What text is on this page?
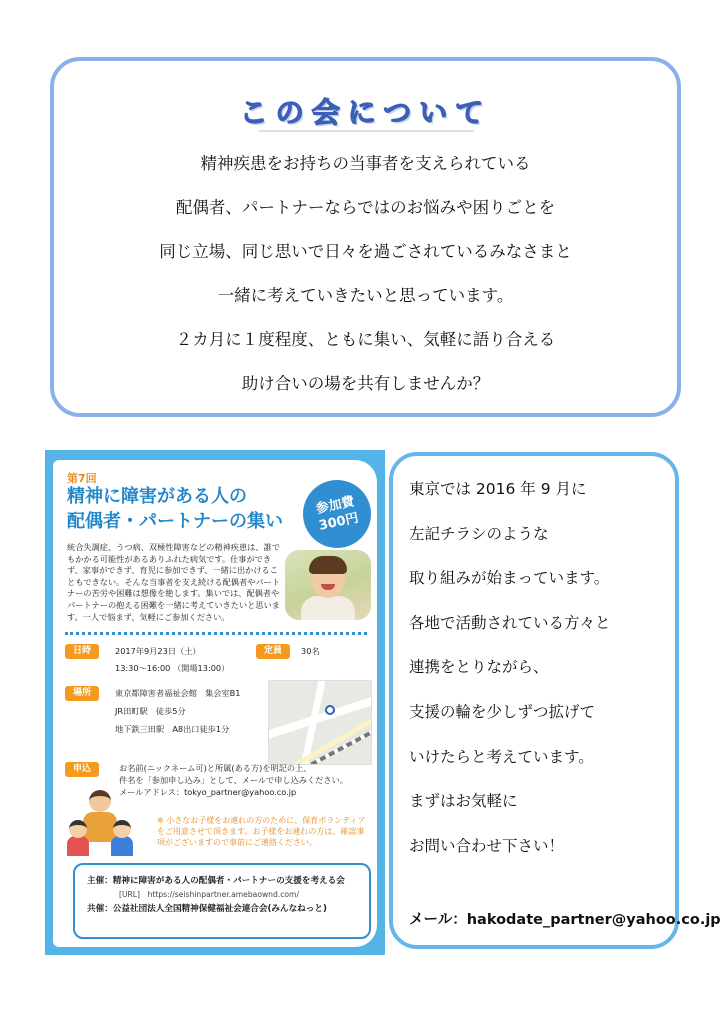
この会について

精神疾患をお持ちの当事者を支えられている

配偶者、パートナーならではのお悩みや困りごとを

同じ立場、同じ思いで日々を過ごされているみなさまと

一緒に考えていきたいと思っています。

２カ月に１度程度、ともに集い、気軽に語り合える

助け合いの場を共有しませんか？

第7回
精神に障害がある人の
配偶者・パートナーの集い
参加費
300円
統合失調症、うつ病、双極性障害などの精神疾患は、誰でもかかる可能性があるありふれた病気です。仕事ができず、家事ができず、育児に参加できず、一緒に出かけることもできない。そんな当事者を支え続ける配偶者やパートナーの苦労や困難は想像を絶します。集いでは、配偶者やパートナーの抱える困難を一緒に考えていきたいと思います。一人で悩まず、気軽にご参加ください。
日時	2017年9月23日（土）
13:30～16:00 （開場13:00）
定員	30名
場所	東京都障害者福祉会館　集会室B1
JR田町駅　徒歩5分
地下鉄三田駅　A8出口徒歩1分
申込	お名前(ニックネーム可)と所属(ある方)を明記の上、
件名を「参加申し込み」として、メールで申し込みください。
メールアドレス：tokyo_partner@yahoo.co.jp
※ 小さなお子様をお連れの方のために、保育ボランティアをご用意させて頂きます。お子様をお連れの方は、確認事項がございますので事前にご連絡ください。
主催：精神に障害がある人の配偶者・パートナーの支援を考える会
[URL]　https://seishinpartner.amebaownd.com/
共催：公益社団法人全国精神保健福祉会連合会(みんなねっと)

東京では 2016 年 9 月に

左記チラシのような

取り組みが始まっています。

各地で活動されている方々と

連携をとりながら、

支援の輪を少しずつ拡げて

いけたらと考えています。

まずはお気軽に

お問い合わせ下さい！

メール：hakodate_partner@yahoo.co.jp
